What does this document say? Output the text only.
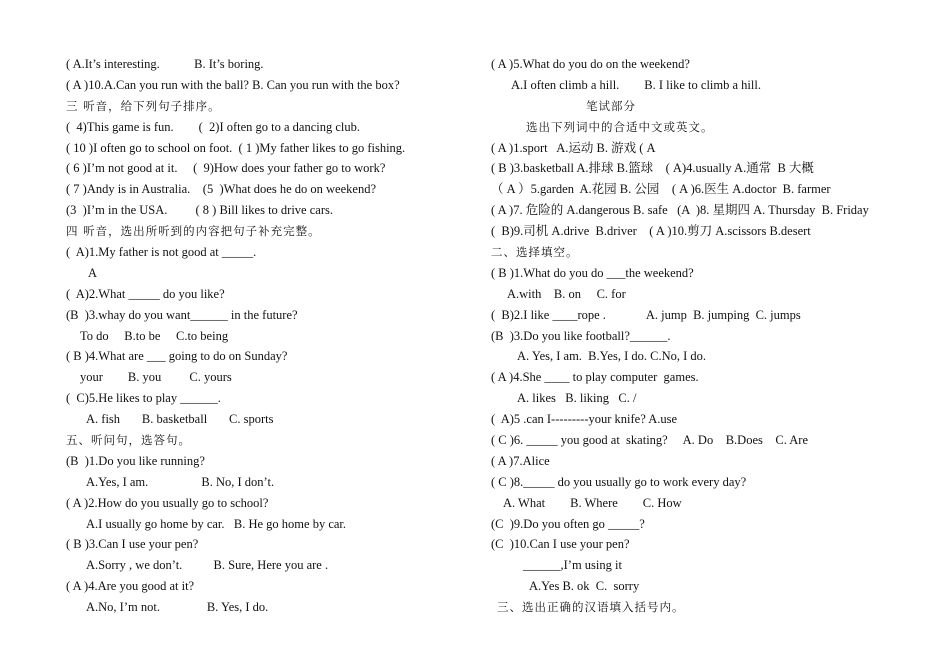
( A.It’s interesting.           B. It’s boring.
( A )10.A.Can you run with the ball? B. Can you run with the box?
三 听音，给下列句子排序。
(  4)This game is fun.        (  2)I often go to a dancing club.
( 10 )I often go to school on foot.  ( 1 )My father likes to go fishing.
( 6 )I’m not good at it.     (  9)How does your father go to work?
( 7 )Andy is in Australia.    (5  )What does he do on weekend?
(3  )I’m in the USA.         ( 8 ) Bill likes to drive cars.
四 听音，选出所听到的内容把句子补充完整。
(  A)1.My father is not good at _____.
A
(  A)2.What _____ do you like?
(B  )3.whay do you want______ in the future?
To do     B.to be     C.to being
( B )4.What are ___ going to do on Sunday?
your        B. you         C. yours
(  C)5.He likes to play ______.
A. fish       B. basketball       C. sports
五、听问句，选答句。
(B  )1.Do you like running?
A.Yes, I am.                 B. No, I don’t.
( A )2.How do you usually go to school?
A.I usually go home by car.   B. He go home by car.
( B )3.Can I use your pen?
A.Sorry , we don’t.          B. Sure, Here you are .
( A )4.Are you good at it?
A.No, I’m not.               B. Yes, I do.
( A )5.What do you do on the weekend?
A.I often climb a hill.        B. I like to climb a hill.
笔试部分
选出下列词中的合适中文或英文。
( A )1.sport   A.运动 B. 游戏 ( A
( B )3.basketball A.排球 B.篮球    ( A)4.usually A.通常  B 大概
（ A ）5.garden  A.花园 B. 公园    ( A )6.医生 A.doctor  B. farmer
( A )7. 危险的 A.dangerous B. safe   (A  )8. 星期四 A. Thursday  B. Friday
(  B)9.司机 A.drive  B.driver    ( A )10.剪刀 A.scissors B.desert
二、选择填空。
( B )1.What do you do ___the weekend?
A.with    B. on     C. for
(  B)2.I like ____rope .             A. jump  B. jumping  C. jumps
(B  )3.Do you like football?______.
A. Yes, I am.  B.Yes, I do. C.No, I do.
( A )4.She ____ to play computer  games.
A. likes   B. liking   C. /
(  A)5 .can I---------your knife? A.use
( C )6. _____ you good at  skating?     A. Do    B.Does    C. Are
( A )7.Alice
( C )8._____ do you usually go to work every day?
A. What        B. Where        C. How
(C  )9.Do you often go _____?
(C  )10.Can I use your pen?
______,I’m using it
A.Yes B. ok  C.  sorry
三、选出正确的汉语填入括号内。
